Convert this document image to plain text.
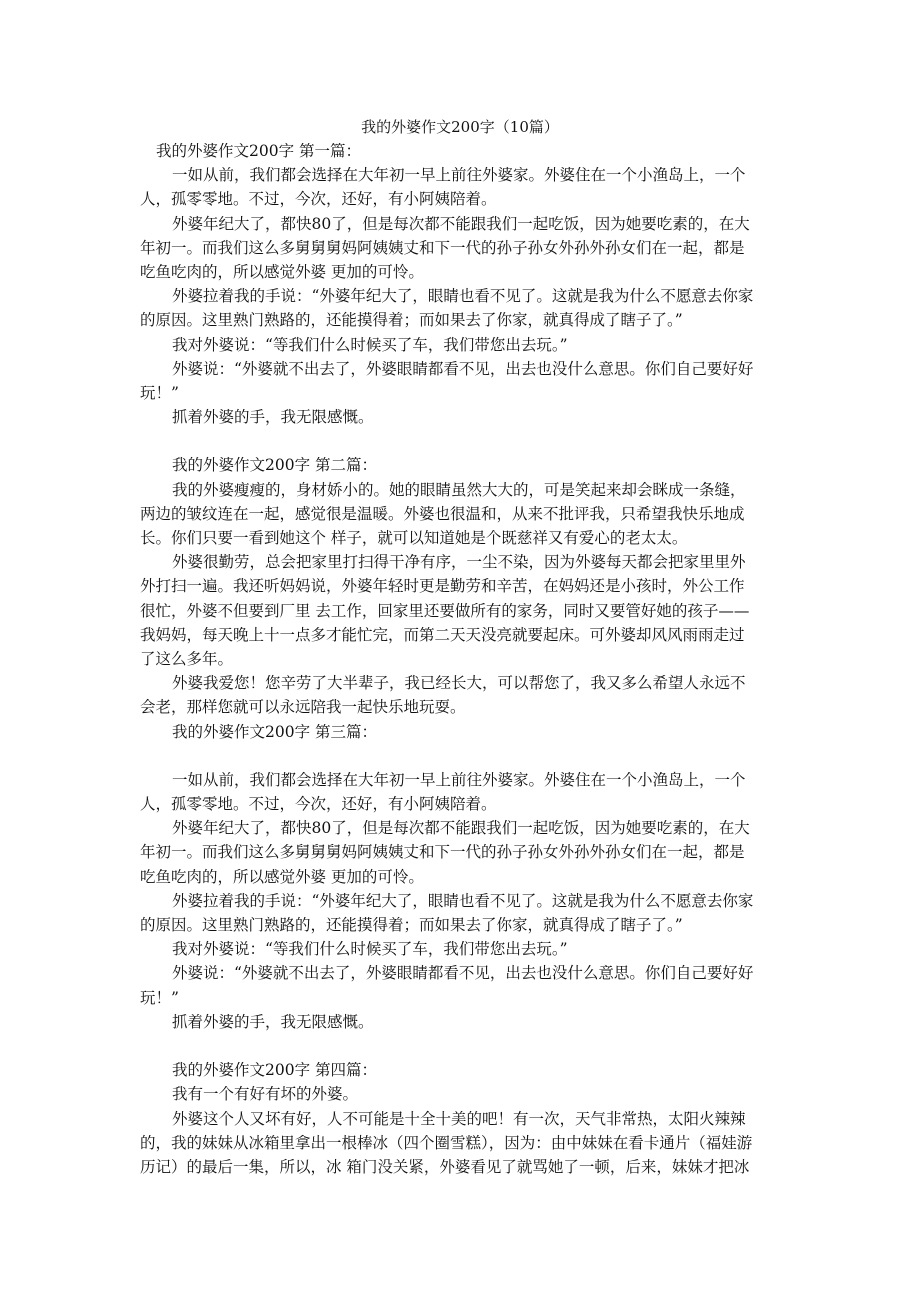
我的外婆作文200字（10篇）
我的外婆作文200字 第一篇：
一如从前，我们都会选择在大年初一早上前往外婆家。外婆住在一个小渔岛上，一个
人，孤零零地。不过，今次，还好，有小阿姨陪着。
外婆年纪大了，都快80了，但是每次都不能跟我们一起吃饭，因为她要吃素的，在大
年初一。而我们这么多舅舅舅妈阿姨姨丈和下一代的孙子孙女外孙外孙女们在一起，都是
吃鱼吃肉的，所以感觉外婆 更加的可怜。
外婆拉着我的手说：“外婆年纪大了，眼睛也看不见了。这就是我为什么不愿意去你家
的原因。这里熟门熟路的，还能摸得着；而如果去了你家，就真得成了瞎子了。”
我对外婆说：“等我们什么时候买了车，我们带您出去玩。”
外婆说：“外婆就不出去了，外婆眼睛都看不见，出去也没什么意思。你们自己要好好
玩！”
抓着外婆的手，我无限感慨。
我的外婆作文200字 第二篇：
我的外婆瘦瘦的，身材娇小的。她的眼睛虽然大大的，可是笑起来却会眯成一条缝，
两边的皱纹连在一起，感觉很是温暖。外婆也很温和，从来不批评我，只希望我快乐地成
长。你们只要一看到她这个 样子，就可以知道她是个既慈祥又有爱心的老太太。
外婆很勤劳，总会把家里打扫得干净有序，一尘不染，因为外婆每天都会把家里里外
外打扫一遍。我还听妈妈说，外婆年轻时更是勤劳和辛苦，在妈妈还是小孩时，外公工作
很忙，外婆不但要到厂里 去工作，回家里还要做所有的家务，同时又要管好她的孩子——
我妈妈，每天晚上十一点多才能忙完，而第二天天没亮就要起床。可外婆却风风雨雨走过
了这么多年。
外婆我爱您！您辛劳了大半辈子，我已经长大，可以帮您了，我又多么希望人永远不
会老，那样您就可以永远陪我一起快乐地玩耍。
我的外婆作文200字 第三篇：
一如从前，我们都会选择在大年初一早上前往外婆家。外婆住在一个小渔岛上，一个
人，孤零零地。不过，今次，还好，有小阿姨陪着。
外婆年纪大了，都快80了，但是每次都不能跟我们一起吃饭，因为她要吃素的，在大
年初一。而我们这么多舅舅舅妈阿姨姨丈和下一代的孙子孙女外孙外孙女们在一起，都是
吃鱼吃肉的，所以感觉外婆 更加的可怜。
外婆拉着我的手说：“外婆年纪大了，眼睛也看不见了。这就是我为什么不愿意去你家
的原因。这里熟门熟路的，还能摸得着；而如果去了你家，就真得成了瞎子了。”
我对外婆说：“等我们什么时候买了车，我们带您出去玩。”
外婆说：“外婆就不出去了，外婆眼睛都看不见，出去也没什么意思。你们自己要好好
玩！”
抓着外婆的手，我无限感慨。
我的外婆作文200字 第四篇：
我有一个有好有坏的外婆。
外婆这个人又坏有好，人不可能是十全十美的吧！有一次，天气非常热，太阳火辣辣
的，我的妹妹从冰箱里拿出一根棒冰（四个圈雪糕），因为：由中妹妹在看卡通片（福娃游
历记）的最后一集，所以，冰 箱门没关紧，外婆看见了就骂她了一顿，后来，妹妹才把冰
